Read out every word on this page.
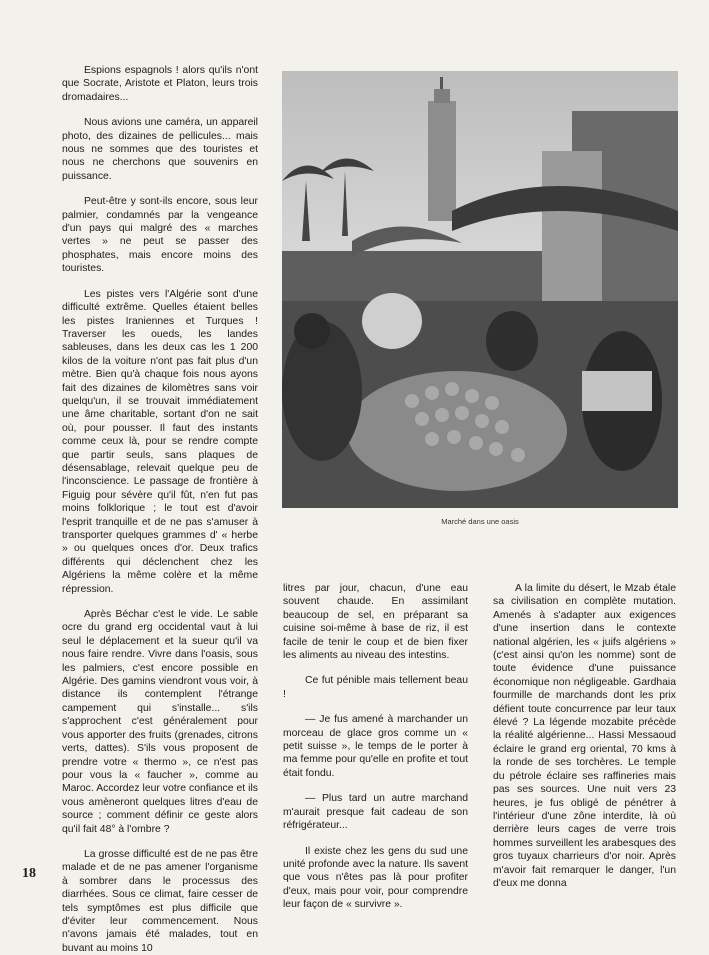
Espions espagnols ! alors qu'ils n'ont que Socrate, Aristote et Platon, leurs trois dromadaires...

Nous avions une caméra, un appareil photo, des dizaines de pellicules... mais nous ne sommes que des touristes et nous ne cherchons que souvenirs en puissance.

Peut-être y sont-ils encore, sous leur palmier, condamnés par la vengeance d'un pays qui malgré des « marches vertes » ne peut se passer des phosphates, mais encore moins des touristes.

Les pistes vers l'Algérie sont d'une difficulté extrême. Quelles étaient belles les pistes Iraniennes et Turques ! Traverser les oueds, les landes sableuses, dans les deux cas les 1 200 kilos de la voiture n'ont pas fait plus d'un mètre. Bien qu'à chaque fois nous ayons fait des dizaines de kilomètres sans voir quelqu'un, il se trouvait immédiatement une âme charitable, sortant d'on ne sait où, pour pousser. Il faut des instants comme ceux là, pour se rendre compte que partir seuls, sans plaques de désensablage, relevait quelque peu de l'inconscience. Le passage de frontière à Figuig pour sévère qu'il fût, n'en fut pas moins folklorique ; le tout est d'avoir l'esprit tranquille et de ne pas s'amuser à transporter quelques grammes d' « herbe » ou quelques onces d'or. Deux trafics différents qui déclenchent chez les Algériens la même colère et la même répression.

Après Béchar c'est le vide. Le sable ocre du grand erg occidental vaut à lui seul le déplacement et la sueur qu'il va nous faire rendre. Vivre dans l'oasis, sous les palmiers, c'est encore possible en Algérie. Des gamins viendront vous voir, à distance ils contemplent l'étrange campement qui s'installe... s'ils s'approchent c'est généralement pour vous apporter des fruits (grenades, citrons verts, dattes). S'ils vous proposent de prendre votre « thermo », ce n'est pas pour vous la « faucher », comme au Maroc. Accordez leur votre confiance et ils vous amèneront quelques litres d'eau de source ; comment définir ce geste alors qu'il fait 48° à l'ombre ?

La grosse difficulté est de ne pas être malade et de ne pas amener l'organisme à sombrer dans le processus des diarrhées. Sous ce climat, faire cesser de tels symptômes est plus difficile que d'éviter leur commencement. Nous n'avons jamais été malades, tout en buvant au moins 10

Marché dans une oasis

litres par jour, chacun, d'une eau souvent chaude. En assimilant beaucoup de sel, en préparant sa cuisine soi-même à base de riz, il est facile de tenir le coup et de bien fixer les aliments au niveau des intestins.

Ce fut pénible mais tellement beau !

— Je fus amené à marchander un morceau de glace gros comme un « petit suisse », le temps de le porter à ma femme pour qu'elle en profite et tout était fondu.

— Plus tard un autre marchand m'aurait presque fait cadeau de son réfrigérateur...

Il existe chez les gens du sud une unité profonde avec la nature. Ils savent que vous n'êtes pas là pour profiter d'eux, mais pour voir, pour comprendre leur façon de « survivre ».

A la limite du désert, le Mzab étale sa civilisation en complète mutation. Amenés à s'adapter aux exigences d'une insertion dans le contexte national algérien, les « juifs algériens » (c'est ainsi qu'on les nomme) sont de toute évidence d'une puissance économique non négligeable. Gardhaia fourmille de marchands dont les prix défient toute concurrence par leur taux élevé ? La légende mozabite précède la réalité algérienne... Hassi Messaoud éclaire le grand erg oriental, 70 kms à la ronde de ses torchères. Le temple du pétrole éclaire ses raffineries mais pas ses sources. Une nuit vers 23 heures, je fus obligé de pénétrer à l'intérieur d'une zône interdite, là où derrière leurs cages de verre trois hommes surveillent les arabesques des gros tuyaux charrieurs d'or noir. Après m'avoir fait remarquer le danger, l'un d'eux me donna

18
